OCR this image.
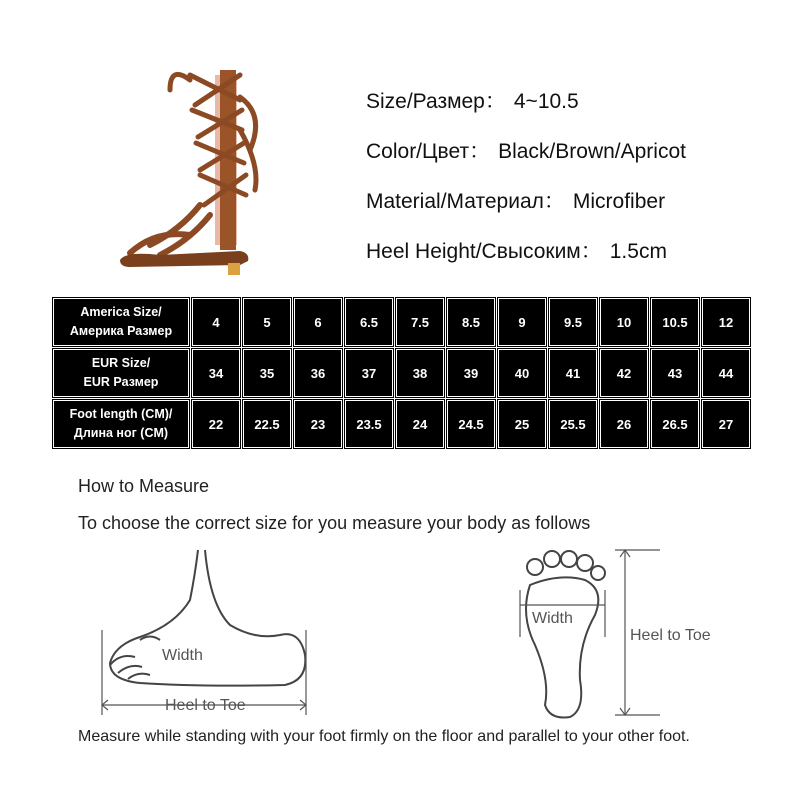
Size/Размер： 4~10.5
Color/Цвет： Black/Brown/Apricot
Material/Материал： Microfiber
Heel Height/Свысоким： 1.5cm
America Size/
Америка Размер	4	5	6	6.5	7.5	8.5	9	9.5	10	10.5	12
EUR Size/
EUR Размер	34	35	36	37	38	39	40	41	42	43	44
Foot length (CM)/
Длина ног (CM)	22	22.5	23	23.5	24	24.5	25	25.5	26	26.5	27
How to Measure
To choose the correct size for you measure your body as follows
Width
Heel to Toe
Width
Heel to Toe
Measure while standing with your foot firmly on the floor and parallel to your other foot.
